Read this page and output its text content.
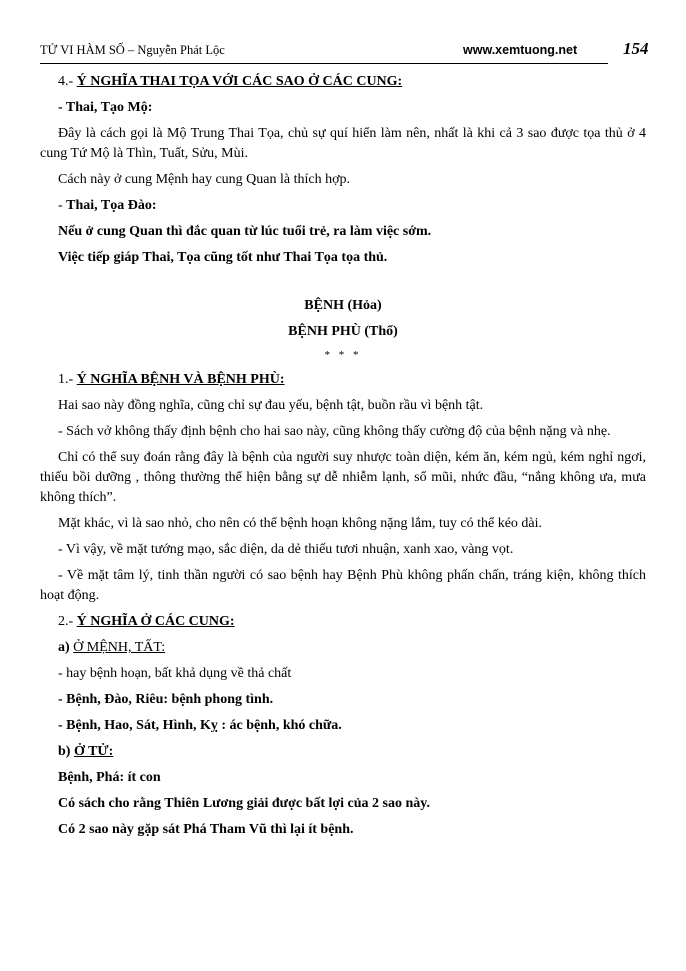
TỬ VI HÀM SỐ – Nguyễn Phát Lộc	www.xemtuong.net	154

4.- Ý NGHĨA THAI TỌA VỚI CÁC SAO Ở CÁC CUNG:

- Thai, Tạo Mộ:

Đây là cách gọi là Mộ Trung Thai Tọa, chủ sự quí hiển làm nên, nhất là khi cả 3 sao được tọa thủ ở 4 cung Tứ Mộ là Thìn, Tuất, Sửu, Mùi.

Cách này ở cung Mệnh hay cung Quan là thích hợp.

- Thai, Tọa Đào:

Nếu ở cung Quan thì đắc quan từ lúc tuổi trẻ, ra làm việc sớm.

Việc tiếp giáp Thai, Tọa cũng tốt như Thai Tọa tọa thủ.

BỆNH (Hỏa)

BỆNH PHÙ (Thổ)

* * *

1.- Ý NGHĨA BỆNH VÀ BỆNH PHÙ:

Hai sao này đồng nghĩa, cũng chỉ sự đau yếu, bệnh tật, buồn rầu vì bệnh tật.

- Sách vở không thấy định bệnh cho hai sao này, cũng không thấy cường độ của bệnh nặng và nhẹ.

Chỉ có thể suy đoán rằng đây là bệnh của người suy nhược toàn diện, kém ăn, kém ngủ, kém nghỉ ngơi, thiếu bồi dưỡng , thông thường thể hiện bằng sự dễ nhiễm lạnh, sổ mũi, nhức đầu, “nắng không ưa, mưa không thích”.

Mặt khác, vì là sao nhỏ, cho nên có thể bệnh hoạn không nặng lắm, tuy có thể kéo dài.

- Vì vậy, về mặt tướng mạo, sắc diện, da dẻ thiếu tươi nhuận, xanh xao, vàng vọt.

- Về mặt tâm lý, tinh thần người có sao bệnh hay Bệnh Phù không phấn chấn, tráng kiện, không thích hoạt động.

2.- Ý NGHĨA Ở CÁC CUNG:

a) Ở MỆNH, TẤT:

- hay bệnh hoạn, bất khả dụng về thả chất

- Bệnh, Đào, Riêu: bệnh phong tình.

- Bệnh, Hao, Sát, Hình, Kỵ : ác bệnh, khó chữa.

b) Ở TỬ:

Bệnh, Phá: ít con

Có sách cho rằng Thiên Lương giải được bất lợi của 2 sao này.

Có 2 sao này gặp sát Phá Tham Vũ thì lại ít bệnh.
